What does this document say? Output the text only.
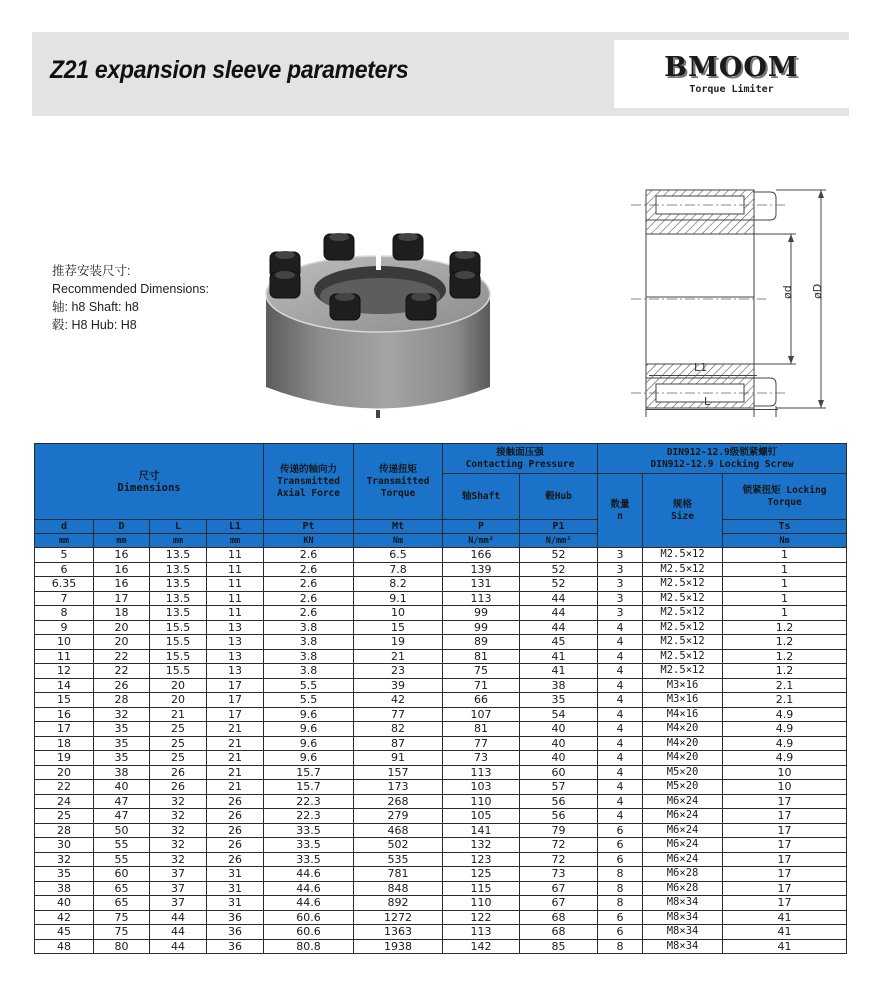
Z21 expansion sleeve parameters	BMOOM
Torque Limiter
推荐安装尺寸:
Recommended Dimensions:
轴: h8 Shaft: h8
毂: H8 Hub: H8
ød øD
L1
L
尺寸
Dimensions

传递的轴向力
Transmitted
Axial Force

传递扭矩
Transmitted
Torque

接触面压强
Contacting Pressure

DIN912-12.9级锁紧螺钉
DIN912-12.9 Locking Screw

轴Shaft	毂Hub	
数量
n

规格
Size
	锁紧扭矩 Locking Torque
d	D	L	L1	Pt	Mt	P	P1			Ts
mm	mm	mm	mm	KN	Nm	N/mm²	N/mm²			Nm
5	16	13.5	11	2.6	6.5	166	52	3	M2.5×12	1
6	16	13.5	11	2.6	7.8	139	52	3	M2.5×12	1
6.35	16	13.5	11	2.6	8.2	131	52	3	M2.5×12	1
7	17	13.5	11	2.6	9.1	113	44	3	M2.5×12	1
8	18	13.5	11	2.6	10	99	44	3	M2.5×12	1
9	20	15.5	13	3.8	15	99	44	4	M2.5×12	1.2
10	20	15.5	13	3.8	19	89	45	4	M2.5×12	1.2
11	22	15.5	13	3.8	21	81	41	4	M2.5×12	1.2
12	22	15.5	13	3.8	23	75	41	4	M2.5×12	1.2
14	26	20	17	5.5	39	71	38	4	M3×16	2.1
15	28	20	17	5.5	42	66	35	4	M3×16	2.1
16	32	21	17	9.6	77	107	54	4	M4×16	4.9
17	35	25	21	9.6	82	81	40	4	M4×20	4.9
18	35	25	21	9.6	87	77	40	4	M4×20	4.9
19	35	25	21	9.6	91	73	40	4	M4×20	4.9
20	38	26	21	15.7	157	113	60	4	M5×20	10
22	40	26	21	15.7	173	103	57	4	M5×20	10
24	47	32	26	22.3	268	110	56	4	M6×24	17
25	47	32	26	22.3	279	105	56	4	M6×24	17
28	50	32	26	33.5	468	141	79	6	M6×24	17
30	55	32	26	33.5	502	132	72	6	M6×24	17
32	55	32	26	33.5	535	123	72	6	M6×24	17
35	60	37	31	44.6	781	125	73	8	M6×28	17
38	65	37	31	44.6	848	115	67	8	M6×28	17
40	65	37	31	44.6	892	110	67	8	M8×34	17
42	75	44	36	60.6	1272	122	68	6	M8×34	41
45	75	44	36	60.6	1363	113	68	6	M8×34	41
48	80	44	36	80.8	1938	142	85	8	M8×34	41
